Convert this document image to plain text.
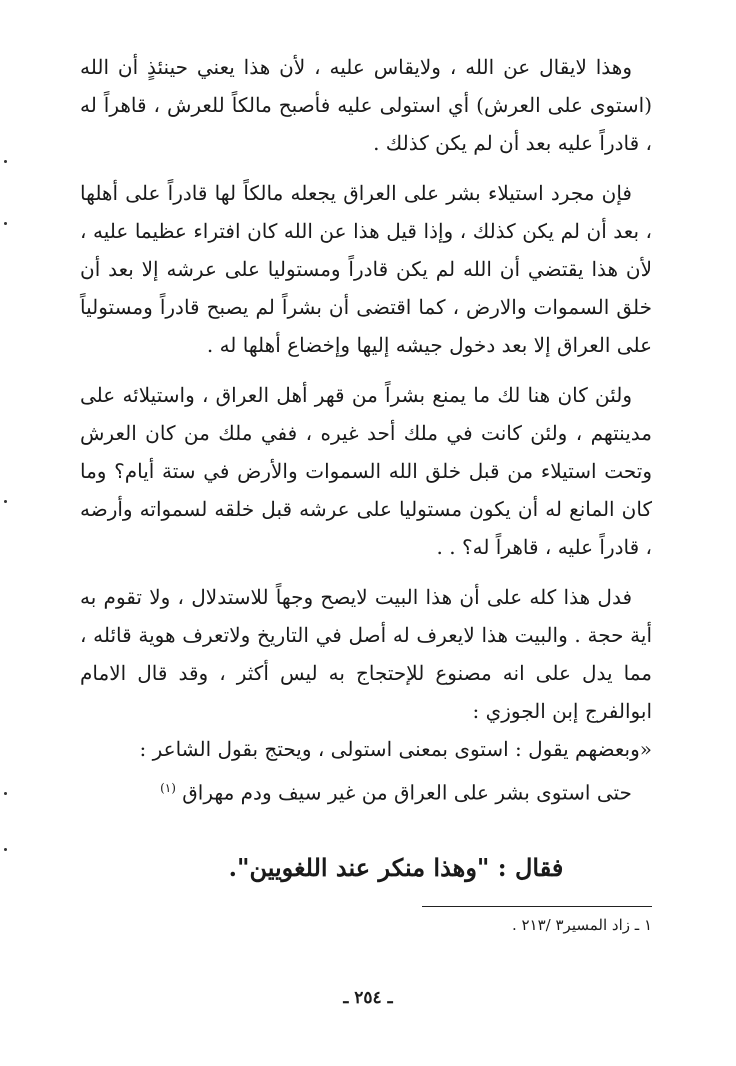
وهذا لايقال عن الله ، ولايقاس عليه ، لأن هذا يعني حينئذٍ أن الله (استوى على العرش) أي استولى عليه فأصبح مالكاً للعرش ، قاهراً له ، قادراً عليه بعد أن لم يكن كذلك .

فإن مجرد استيلاء بشر على العراق يجعله مالكاً لها قادراً على أهلها ، بعد أن لم يكن كذلك ، وإذا قيل هذا عن الله كان افتراء عظيما عليه ، لأن هذا يقتضي أن الله لم يكن قادراً ومستوليا على عرشه إلا بعد أن خلق السموات والارض ، كما اقتضى أن بشراً لم يصبح قادراً ومستولياً على العراق إلا بعد دخول جيشه إليها وإخضاع أهلها له .

ولئن كان هنا لك ما يمنع بشراً من قهر أهل العراق ، واستيلائه على مدينتهم ، ولئن كانت في ملك أحد غيره ، ففي ملك من كان العرش وتحت استيلاء من قبل خلق الله السموات والأرض في ستة أيام؟ وما كان المانع له أن يكون مستوليا على عرشه قبل خلقه لسمواته وأرضه ، قادراً عليه ، قاهراً له؟ . .

فدل هذا كله على أن هذا البيت لايصح وجهاً للاستدلال ، ولا تقوم به أية حجة . والبيت هذا لايعرف له أصل في التاريخ ولاتعرف هوية قائله ، مما يدل على انه مصنوع للإحتجاج به ليس أكثر ، وقد قال الامام ابوالفرج إبن الجوزي :

«وبعضهم يقول : استوى بمعنى استولى ، ويحتج بقول الشاعر :

حتى استوى بشر على العراق من غير سيف ودم مهراق $^{(١)}$

فقال : "وهذا منكر عند اللغويين".

١ ـ زاد المسير٣ /٢١٣ .
ـ ٢٥٤ ـ
